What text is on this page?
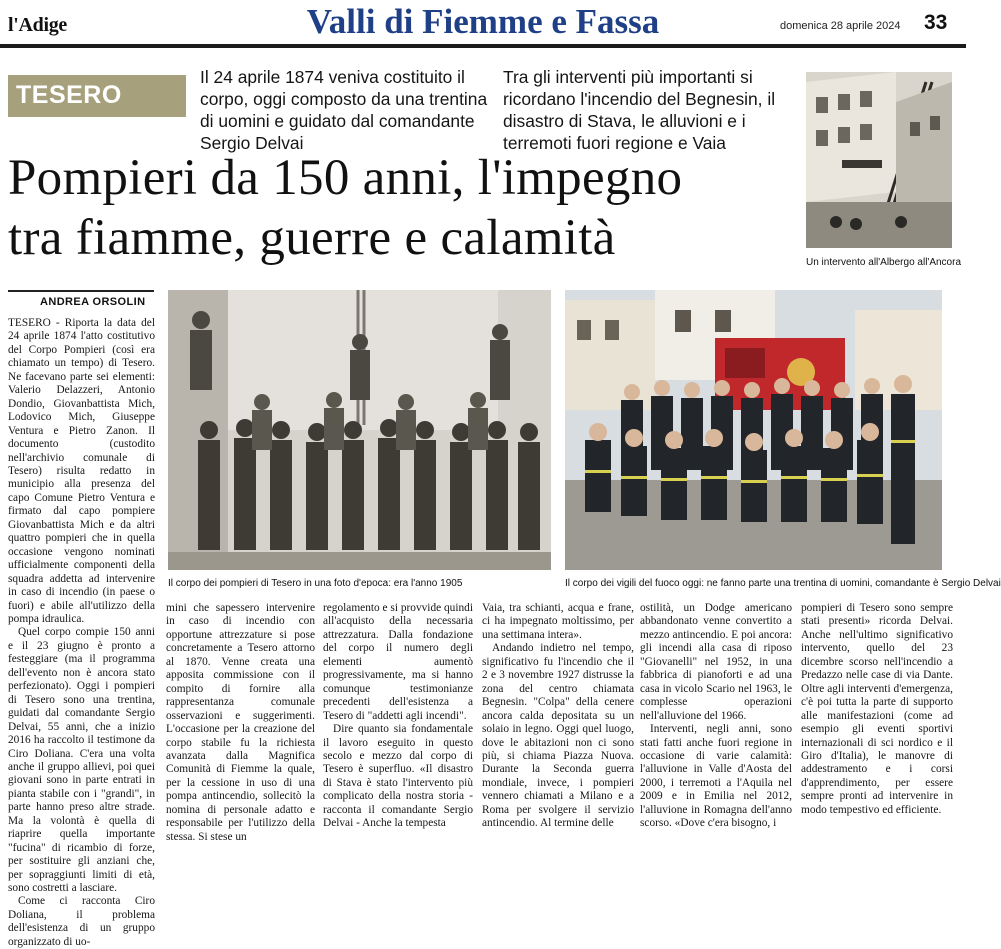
l'Adige	Valli di Fiemme e Fassa	domenica 28 aprile 2024 33
TESERO
Il 24 aprile 1874 veniva costituito il corpo, oggi composto da una trentina di uomini e guidato dal comandante Sergio Delvai
Tra gli interventi più importanti si ricordano l'incendio del Begnesin, il disastro di Stava, le alluvioni e i terremoti fuori regione e Vaia
Pompieri da 150 anni, l'impegno
tra fiamme, guerre e calamità	Un intervento all'Albergo all'Ancora
ANDREA ORSOLIN
Il corpo dei pompieri di Tesero in una foto d'epoca: era l'anno 1905	Il corpo dei vigili del fuoco oggi: ne fanno parte una trentina di uomini, comandante è Sergio Delvai

TESERO - Riporta la data del 24 aprile 1874 l'atto costitutivo del Corpo Pompieri (così era chiamato un tempo) di Tesero. Ne facevano parte sei elementi: Valerio Delazzeri, Antonio Dondio, Giovanbattista Mich, Lodovico Mich, Giuseppe Ventura e Pietro Zanon. Il documento (custodito nell'archivio comunale di Tesero) risulta redatto in municipio alla presenza del capo Comune Pietro Ventura e firmato dal capo pompiere Giovanbattista Mich e da altri quattro pompieri che in quella occasione vengono nominati ufficialmente componenti della squadra addetta ad intervenire in caso di incendio (in paese o fuori) e abile all'utilizzo della pompa idraulica.

Quel corpo compie 150 anni e il 23 giugno è pronto a festeggiare (ma il programma dell'evento non è ancora stato perfezionato). Oggi i pompieri di Tesero sono una trentina, guidati dal comandante Sergio Delvai, 55 anni, che a inizio 2016 ha raccolto il testimone da Ciro Doliana. C'era una volta anche il gruppo allievi, poi quei giovani sono in parte entrati in pianta stabile con i "grandi", in parte hanno preso altre strade. Ma la volontà è quella di riaprire quella importante "fucina" di ricambio di forze, per sostituire gli anziani che, per sopraggiunti limiti di età, sono costretti a lasciare.

Come ci racconta Ciro Doliana, il problema dell'esistenza di un gruppo organizzato di uo-

mini che sapessero intervenire in caso di incendio con opportune attrezzature si pose concretamente a Tesero attorno al 1870. Venne creata una apposita commissione con il compito di fornire alla rappresentanza comunale osservazioni e suggerimenti. L'occasione per la creazione del corpo stabile fu la richiesta avanzata dalla Magnifica Comunità di Fiemme la quale, per la cessione in uso di una pompa antincendio, sollecitò la nomina di personale adatto e responsabile per l'utilizzo della stessa. Si stese un

regolamento e si provvide quindi all'acquisto della necessaria attrezzatura. Dalla fondazione del corpo il numero degli elementi aumentò progressivamente, ma si hanno comunque testimonianze precedenti dell'esistenza a Tesero di "addetti agli incendi".

Dire quanto sia fondamentale il lavoro eseguito in questo secolo e mezzo dal corpo di Tesero è superfluo. «Il disastro di Stava è stato l'intervento più complicato della nostra storia - racconta il comandante Sergio Delvai - Anche la tempesta

Vaia, tra schianti, acqua e frane, ci ha impegnato moltissimo, per una settimana intera».

Andando indietro nel tempo, significativo fu l'incendio che il 2 e 3 novembre 1927 distrusse la zona del centro chiamata Begnesin. "Colpa" della cenere ancora calda depositata su un solaio in legno. Oggi quel luogo, dove le abitazioni non ci sono più, si chiama Piazza Nuova. Durante la Seconda guerra mondiale, invece, i pompieri vennero chiamati a Milano e a Roma per svolgere il servizio antincendio. Al termine delle

ostilità, un Dodge americano abbandonato venne convertito a mezzo antincendio. E poi ancora: gli incendi alla casa di riposo "Giovanelli" nel 1952, in una fabbrica di pianoforti e ad una casa in vicolo Scario nel 1963, le complesse operazioni nell'alluvione del 1966.

Interventi, negli anni, sono stati fatti anche fuori regione in occasione di varie calamità: l'alluvione in Valle d'Aosta del 2000, i terremoti a l'Aquila nel 2009 e in Emilia nel 2012, l'alluvione in Romagna dell'anno scorso. «Dove c'era bisogno, i

pompieri di Tesero sono sempre stati presenti» ricorda Delvai. Anche nell'ultimo significativo intervento, quello del 23 dicembre scorso nell'incendio a Predazzo nelle case di via Dante. Oltre agli interventi d'emergenza, c'è poi tutta la parte di supporto alle manifestazioni (come ad esempio gli eventi sportivi internazionali di sci nordico e il Giro d'Italia), le manovre di addestramento e i corsi d'apprendimento, per essere sempre pronti ad intervenire in modo tempestivo ed efficiente.
